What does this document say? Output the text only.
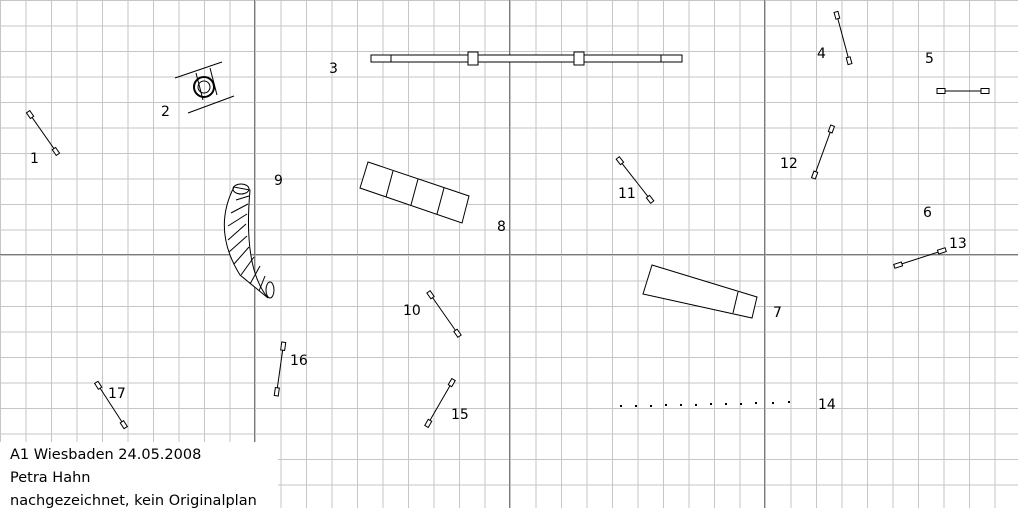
1
2
3
4	5
6
7
8
9
10
11
12
13
14
15
16
17
A1 Wiesbaden 24.05.2008
Petra Hahn
nachgezeichnet, kein Originalplan
